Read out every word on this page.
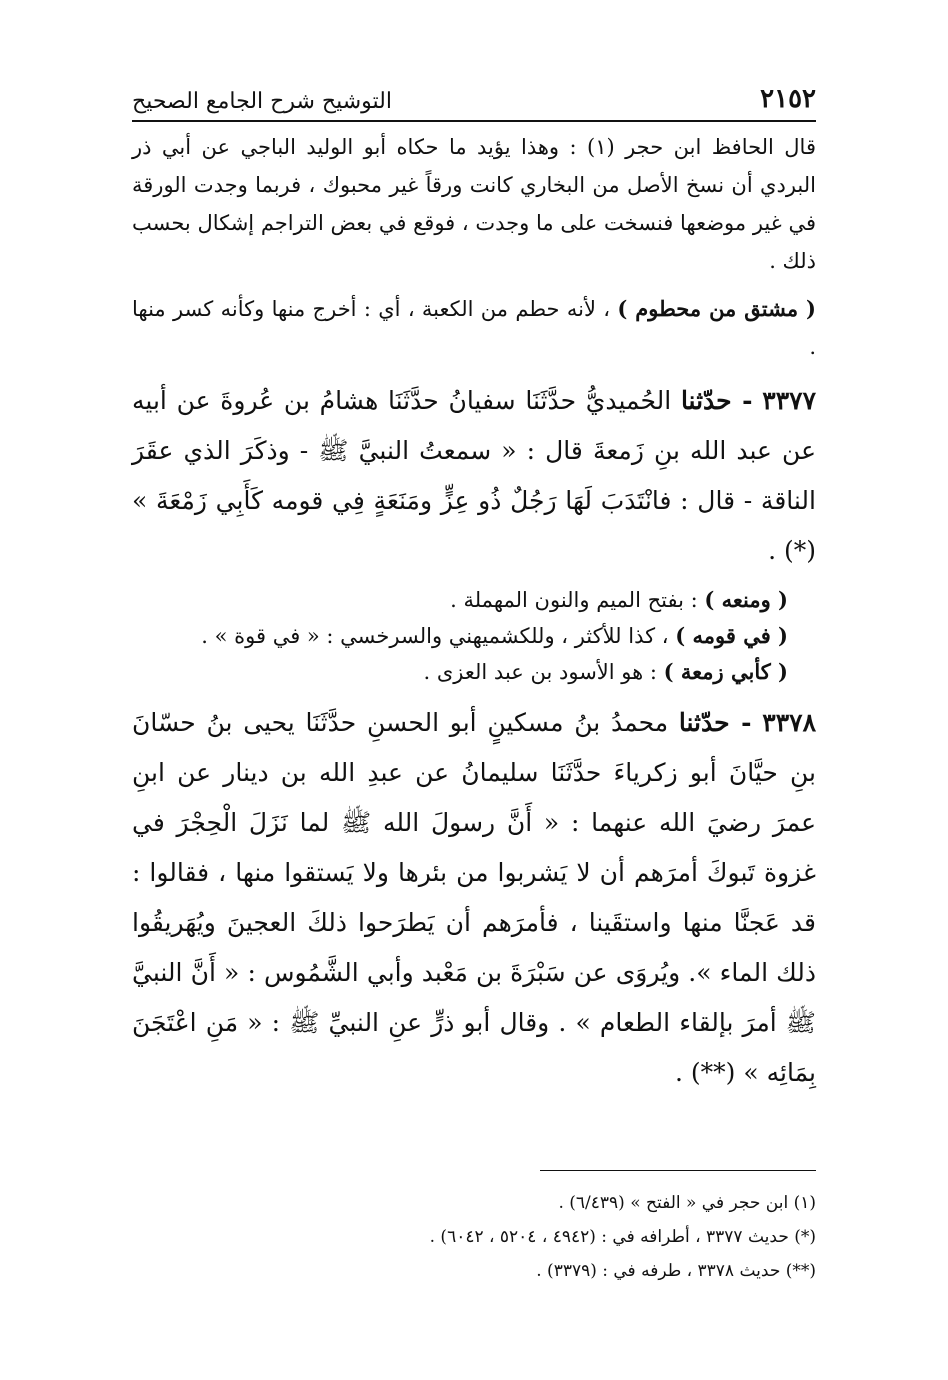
٢١٥٢
التوشيح شرح الجامع الصحيح

قال الحافظ ابن حجر (١) : وهذا يؤيد ما حكاه أبو الوليد الباجي عن أبي ذر البردي أن نسخ الأصل من البخاري كانت ورقاً غير محبوك ، فربما وجدت الورقة في غير موضعها فنسخت على ما وجدت ، فوقع في بعض التراجم إشكال بحسب ذلك .

( مشتق من محطوم ) ، لأنه حطم من الكعبة ، أي : أخرج منها وكأنه كسر منها .

٣٣٧٧ - حدّثنا الحُميديُّ حدَّثَنَا سفيانُ حدَّثَنَا هشامُ بن عُروةَ عن أبيه عن عبد الله بنِ زَمعةَ قال : « سمعتُ النبيَّ ﷺ - وذكَرَ الذي عقَرَ الناقة - قال : فانْتَدَبَ لَهَا رَجُلٌ ذُو عِزٍّ ومَنَعَةٍ فِي قومه كَأَبِي زَمْعَةَ » (*) .

( ومنعه ) : بفتح الميم والنون المهملة .

( في قومه ) ، كذا للأكثر ، وللكشميهني والسرخسي : « في قوة » .

( كأبي زمعة ) : هو الأسود بن عبد العزى .

٣٣٧٨ - حدّثنا محمدُ بنُ مسكينٍ أبو الحسنِ حدَّثَنَا يحيى بنُ حسّانَ بنِ حيَّانَ أبو زكرياءَ حدَّثَنَا سليمانُ عن عبدِ الله بن دينار عن ابنِ عمرَ رضيَ الله عنهما : « أَنَّ رسولَ الله ﷺ لما نَزَلَ الْحِجْرَ في غزوة تَبوكَ أمرَهم أن لا يَشربوا من بئرها ولا يَستقوا منها ، فقالوا : قد عَجنَّا منها واستقَينا ، فأمرَهم أن يَطرَحوا ذلكَ العجينَ ويُهَريقُوا ذلك الماء ». ويُروَى عن سَبْرَةَ بن مَعْبد وأبي الشَّمُوس : « أَنَّ النبيَّ ﷺ أمرَ بإلقاء الطعام » . وقال أبو ذرٍّ عنِ النبيِّ ﷺ : « مَنِ اعْتَجَنَ بِمَائِه » (**) .

(١) ابن حجر في « الفتح » (٦/٤٣٩) .
(*) حديث ٣٣٧٧ ، أطرافه في : (٤٩٤٢ ، ٥٢٠٤ ، ٦٠٤٢) .
(**) حديث ٣٣٧٨ ، طرفه في : (٣٣٧٩) .
